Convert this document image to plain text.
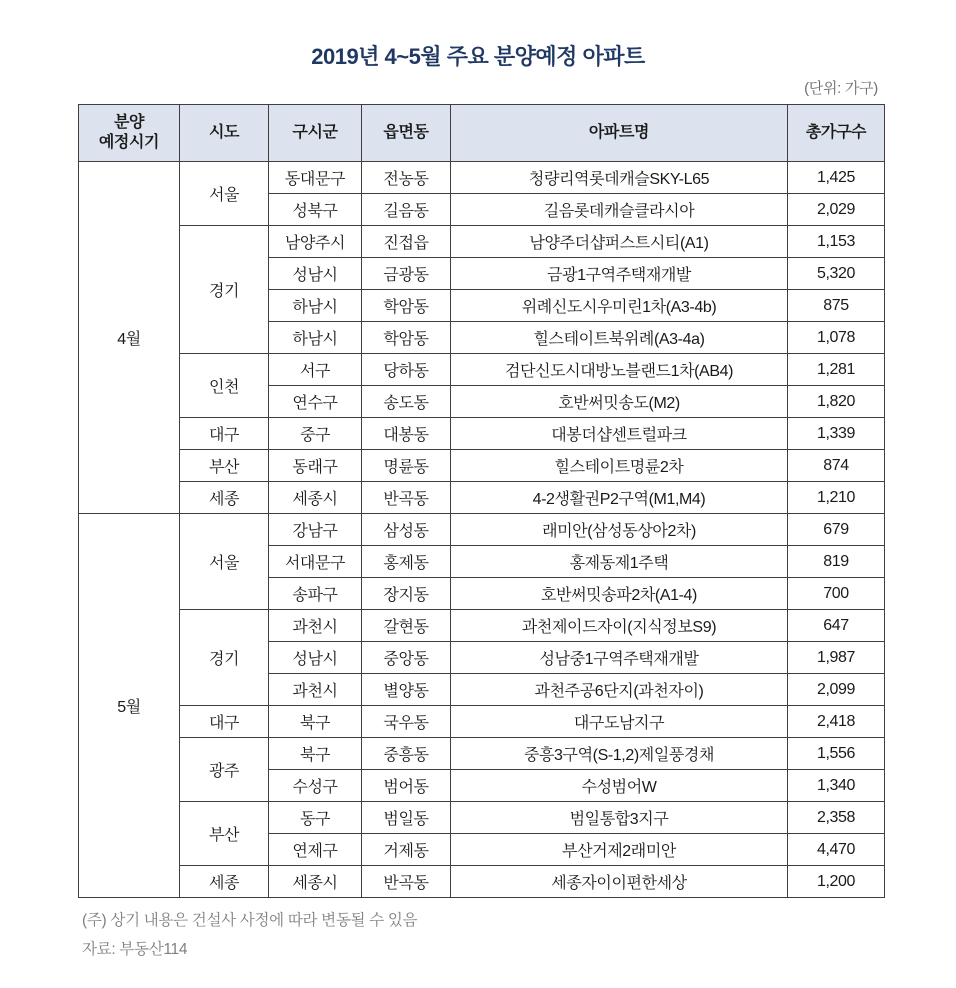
2019년 4~5월 주요 분양예정 아파트
(단위: 가구)
분양
예정시기	시도	구시군	읍면동	아파트명	총가구수
4월	서울	동대문구	전농동	청량리역롯데캐슬SKY-L65	1,425
		성북구	길음동	길음롯데캐슬클라시아	2,029
	경기	남양주시	진접읍	남양주더샵퍼스트시티(A1)	1,153
		성남시	금광동	금광1구역주택재개발	5,320
		하남시	학암동	위례신도시우미린1차(A3-4b)	875
		하남시	학암동	힐스테이트북위례(A3-4a)	1,078
	인천	서구	당하동	검단신도시대방노블랜드1차(AB4)	1,281
		연수구	송도동	호반써밋송도(M2)	1,820
	대구	중구	대봉동	대봉더샵센트럴파크	1,339
	부산	동래구	명륜동	힐스테이트명륜2차	874
	세종	세종시	반곡동	4-2생활권P2구역(M1,M4)	1,210
5월	서울	강남구	삼성동	래미안(삼성동상아2차)	679
		서대문구	홍제동	홍제동제1주택	819
		송파구	장지동	호반써밋송파2차(A1-4)	700
	경기	과천시	갈현동	과천제이드자이(지식정보S9)	647
		성남시	중앙동	성남중1구역주택재개발	1,987
		과천시	별양동	과천주공6단지(과천자이)	2,099
	대구	북구	국우동	대구도남지구	2,418
	광주	북구	중흥동	중흥3구역(S-1,2)제일풍경채	1,556
		수성구	범어동	수성범어W	1,340
	부산	동구	범일동	범일통합3지구	2,358
		연제구	거제동	부산거제2래미안	4,470
	세종	세종시	반곡동	세종자이이편한세상	1,200
(주) 상기 내용은 건설사 사정에 따라 변동될 수 있음
자료: 부동산114
